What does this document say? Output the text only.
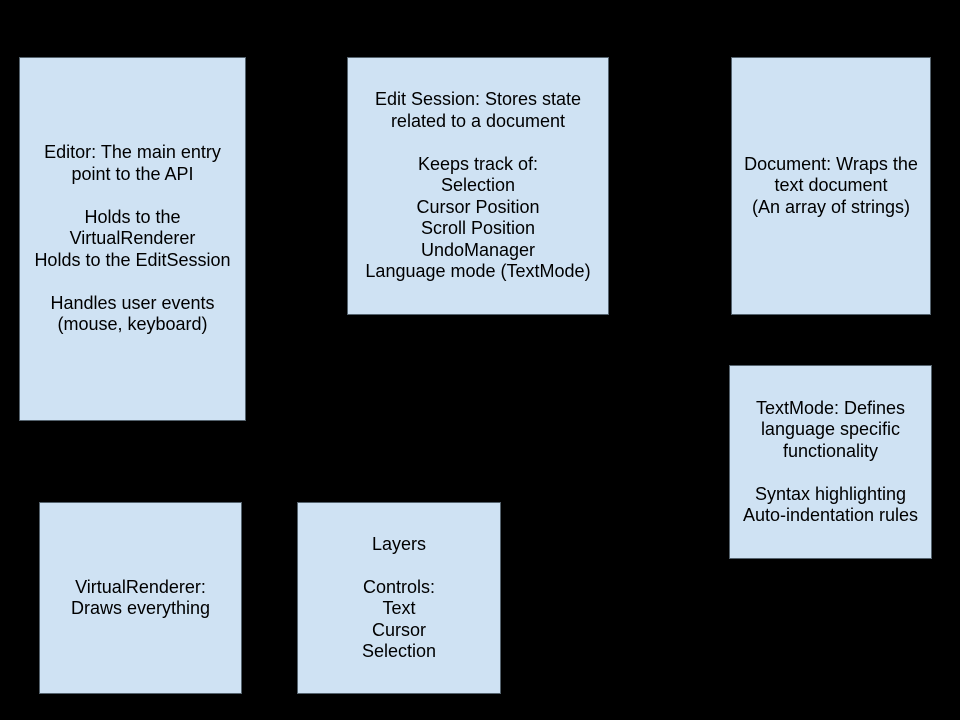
Editor: The main entry
point to the API

Holds to the
VirtualRenderer
Holds to the EditSession

Handles user events
(mouse, keyboard)
Edit Session: Stores state
related to a document

Keeps track of:
Selection
Cursor Position
Scroll Position
UndoManager
Language mode (TextMode)
Document: Wraps the
text document
(An array of strings)
TextMode: Defines
language specific
functionality

Syntax highlighting
Auto-indentation rules
VirtualRenderer:
Draws everything
Layers

Controls:
Text
Cursor
Selection
